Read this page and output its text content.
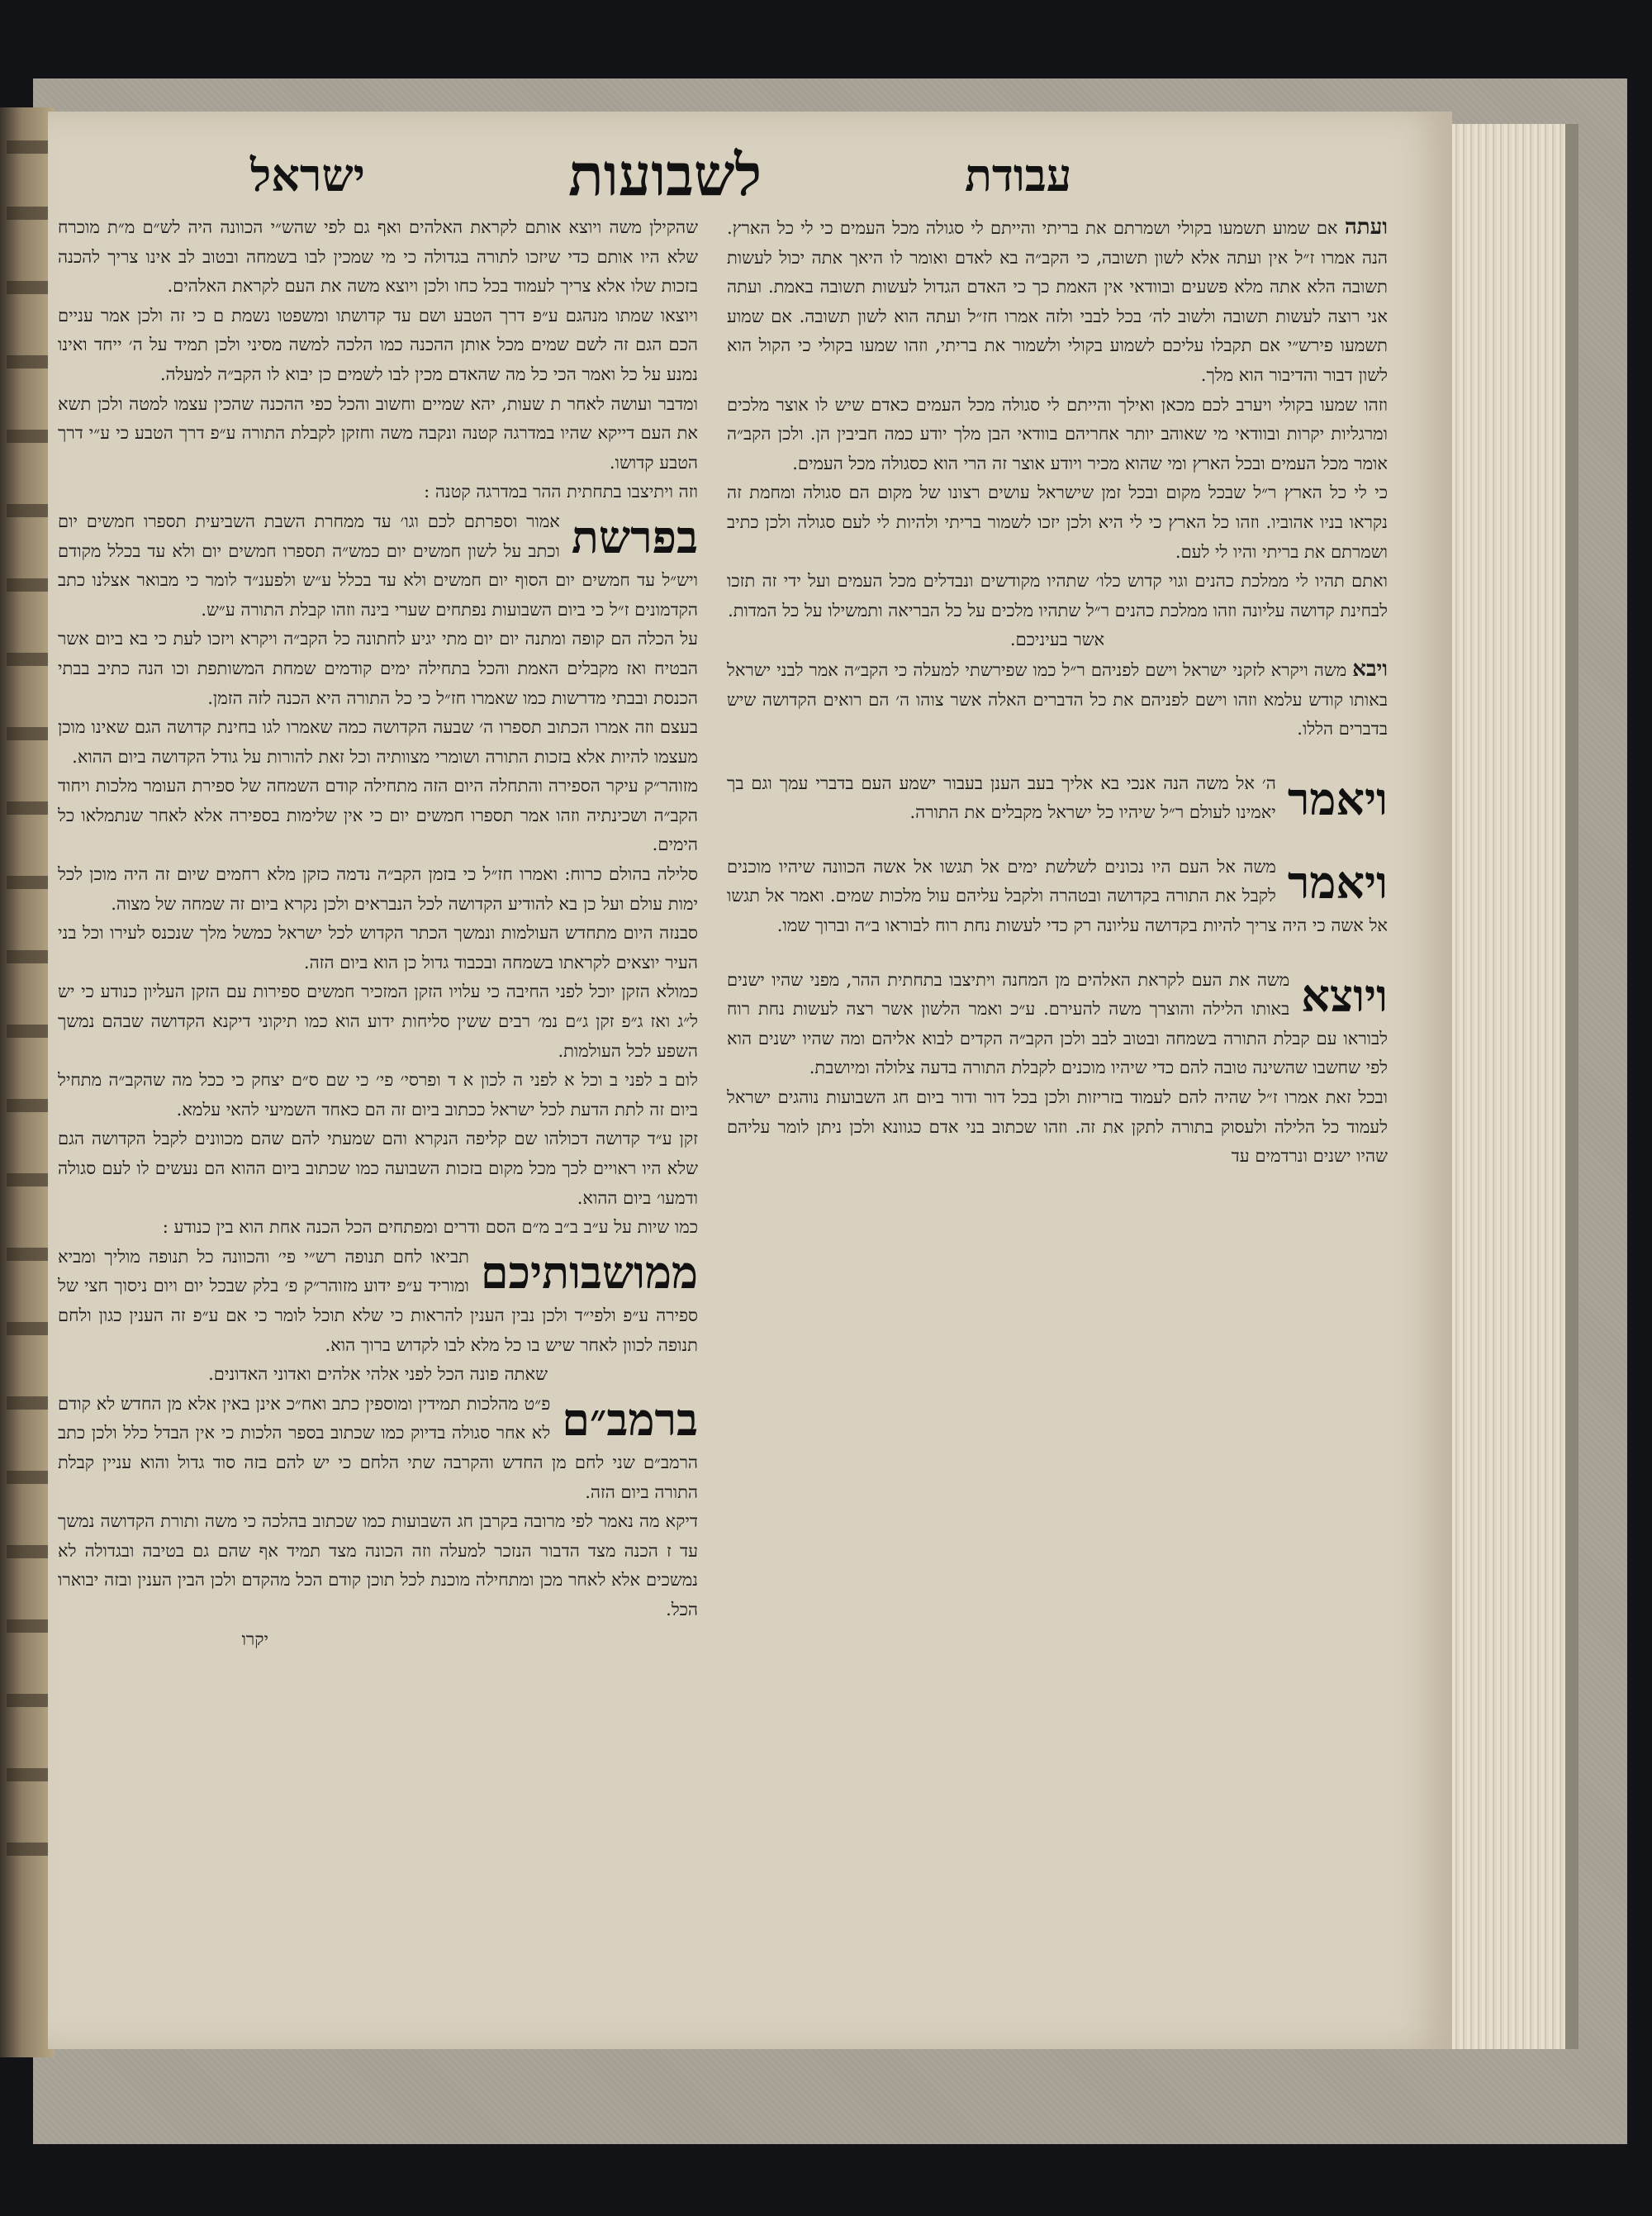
ישראל	לשבועות	עבודת

ועתה אם שמוע תשמעו בקולי ושמרתם את בריתי והייתם לי סגולה מכל העמים כי לי כל הארץ. הנה אמרו ז״ל אין ועתה אלא לשון תשובה, כי הקב״ה בא לאדם ואומר לו היאך אתה יכול לעשות תשובה הלא אתה מלא פשעים ובוודאי אין האמת כך כי האדם הגדול לעשות תשובה באמת. ועתה אני רוצה לעשות תשובה ולשוב לה׳ בכל לבבי ולזה אמרו חז״ל ועתה הוא לשון תשובה. אם שמוע תשמעו פירש״י אם תקבלו עליכם לשמוע בקולי ולשמור את בריתי, וזהו שמעו בקולי כי הקול הוא לשון דבור והדיבור הוא מלך.

וזהו שמעו בקולי ויערב לכם מכאן ואילך והייתם לי סגולה מכל העמים כאדם שיש לו אוצר מלכים ומרגליות יקרות ובוודאי מי שאוהב יותר אחריהם בוודאי הבן מלך יודע כמה חביבין הן. ולכן הקב״ה אומר מכל העמים ובכל הארץ ומי שהוא מכיר ויודע אוצר זה הרי הוא כסגולה מכל העמים.

כי לי כל הארץ ר״ל שבכל מקום ובכל זמן שישראל עושים רצונו של מקום הם סגולה ומחמת זה נקראו בניו אהוביו. וזהו כל הארץ כי לי היא ולכן יזכו לשמור בריתי ולהיות לי לעם סגולה ולכן כתיב ושמרתם את בריתי והיו לי לעם.

ואתם תהיו לי ממלכת כהנים וגוי קדוש כלו׳ שתהיו מקודשים ונבדלים מכל העמים ועל ידי זה תזכו לבחינת קדושה עליונה וזהו ממלכת כהנים ר״ל שתהיו מלכים על כל הבריאה ותמשילו על כל המדות.

אשר בעיניכם.

ויבא משה ויקרא לזקני ישראל וישם לפניהם ר״ל כמו שפירשתי למעלה כי הקב״ה אמר לבני ישראל באותו קודש עלמא וזהו וישם לפניהם את כל הדברים האלה אשר צוהו ה׳ הם רואים הקדושה שיש בדברים הללו.

ויאמר
ה׳ אל משה הנה אנכי בא אליך בעב הענן בעבור ישמע העם בדברי עמך וגם בך יאמינו לעולם ר״ל שיהיו כל ישראל מקבלים את התורה.

ויאמר
משה אל העם היו נכונים לשלשת ימים אל תגשו אל אשה הכוונה שיהיו מוכנים לקבל את התורה בקדושה ובטהרה ולקבל עליהם עול מלכות שמים. ואמר אל תגשו אל אשה כי היה צריך להיות בקדושה עליונה רק כדי לעשות נחת רוח לבוראו ב״ה וברוך שמו.

ויוצא
משה את העם לקראת האלהים מן המחנה ויתיצבו בתחתית ההר, מפני שהיו ישנים באותו הלילה והוצרך משה להעירם. ע״כ ואמר הלשון אשר רצה לעשות נחת רוח לבוראו עם קבלת התורה בשמחה ובטוב לבב ולכן הקב״ה הקדים לבוא אליהם ומה שהיו ישנים הוא לפי שחשבו שהשינה טובה להם כדי שיהיו מוכנים לקבלת התורה בדעה צלולה ומיושבת.

ובכל זאת אמרו ז״ל שהיה להם לעמוד בזריזות ולכן בכל דור ודור ביום חג השבועות נוהגים ישראל לעמוד כל הלילה ולעסוק בתורה לתקן את זה. וזהו שכתוב בני אדם כגוונא ולכן ניתן לומר עליהם שהיו ישנים ונרדמים עד

שהקילן משה ויוצא אותם לקראת האלהים ואף גם לפי שהש״י הכוונה היה לש״ם מ״ת מוכרח שלא היו אותם כדי שיזכו לתורה בגדולה כי מי שמכין לבו בשמחה ובטוב לב אינו צריך להכנה בזכות שלו אלא צריך לעמוד בכל כחו ולכן ויוצא משה את העם לקראת האלהים.

ויוצאו שמתו מנהגם ע״פ דרך הטבע ושם עד קדושתו ומשפטו נשמת ם כי זה ולכן אמר עניים הכם הגם זה לשם שמים מכל אותן ההכנה כמו הלכה למשה מסיני ולכן תמיד על ה׳ ייחד ואינו נמנע על כל ואמר הכי כל מה שהאדם מכין לבו לשמים כן יבוא לו הקב״ה למעלה.

ומדבר ועושה לאחר ת שעות, יהא שמיים וחשוב והכל כפי ההכנה שהכין עצמו למטה ולכן תשא את העם דייקא שהיו במדרגה קטנה ונקבה משה וחזקן לקבלת התורה ע״פ דרך הטבע כי ע״י דרך הטבע קדושו.

וזה ויתיצבו בתחתית ההר במדרגה קטנה :

בפרשת
אמור וספרתם לכם וגו׳ עד ממחרת השבת השביעית תספרו חמשים יום וכתב על לשון חמשים יום כמש״ה תספרו חמשים יום ולא עד בכלל מקודם ויש״ל עד חמשים יום הסוף יום חמשים ולא עד בכלל ע״ש ולפענ״ד לומר כי מבואר אצלנו כתב הקדמונים ז״ל כי ביום השבועות נפתחים שערי בינה וזהו קבלת התורה ע״ש.

על הכלה הם קופה ומתנה יום יום מתי יגיע לחתונה כל הקב״ה ויקרא ויזכו לעת כי בא ביום אשר הבטיח ואז מקבלים האמת והכל בתחילה ימים קודמים שמחת המשותפת וכו הנה כתיב בבתי הכנסת ובבתי מדרשות כמו שאמרו חז״ל כי כל התורה היא הכנה לזה הזמן.

בעצם וזה אמרו הכתוב תספרו ה׳ שבעה הקדושה כמה שאמרו לגו בחינת קדושה הגם שאינו מוכן מעצמו להיות אלא בזכות התורה ושומרי מצוותיה וכל זאת להורות על גודל הקדושה ביום ההוא.

מזוהר״ק עיקר הספירה והתחלה היום הזה מתחילה קודם השמחה של ספירת העומר מלכות ויחוד הקב״ה ושכינתיה וזהו אמר תספרו חמשים יום כי אין שלימות בספירה אלא לאחר שנתמלאו כל הימים.

סלילה בהולם כרוח: ואמרו חז״ל כי בזמן הקב״ה נדמה כזקן מלא רחמים שיום זה היה מוכן לכל ימות עולם ועל כן בא להודיע הקדושה לכל הנבראים ולכן נקרא ביום זה שמחה של מצוה.

סבנזה היום מתחדש העולמות ונמשך הכתר הקדוש לכל ישראל כמשל מלך שנכנס לעירו וכל בני העיר יוצאים לקראתו בשמחה ובכבוד גדול כן הוא ביום הזה.

כמולא הזקן יוכל לפני החיבה כי עלויו הזקן המזכיר חמשים ספירות עם הזקן העליון כנודע כי יש ל״ג ואז ג״פ זקן ג״ם נמ׳ רבים ששין סליחות ידוע הוא כמו תיקוני דיקנא הקדושה שבהם נמשך השפע לכל העולמות.

לום ב לפני ב וכל א לפני ה לכון א ד ופרסי׳ פי׳ כי שם ס״ם יצחק כי ככל מה שהקב״ה מתחיל ביום זה לתת הדעת לכל ישראל ככתוב ביום זה הם כאחד השמיעי להאי עלמא.

זקן ע״ד קדושה דכולהו שם קליפה הנקרא והם שמעתי להם שהם מכוונים לקבל הקדושה הגם שלא היו ראויים לכך מכל מקום בזכות השבועה כמו שכתוב ביום ההוא הם נעשים לו לעם סגולה ודמעו׳ ביום ההוא.

כמו שיות על ע״ב ב״ב מ״ם הסם ודרים ומפתחים הכל הכנה אחת הוא בין כנודע :

ממושבותיכם
תביאו לחם תנופה רש״י פי׳ והכוונה כל תנופה מוליך ומביא ומוריד ע״פ ידוע מזוהר״ק פ׳ בלק שבכל יום ויום ניסוך חצי של ספירה ע״פ ולפי״ד ולכן נבין הענין להראות כי שלא תוכל לומר כי אם ע״פ זה הענין כגון ולחם תנופה לכוון לאחר שיש בו כל מלא לבו לקדוש ברוך הוא.

שאתה פונה הכל לפני אלהי אלהים ואדוני האדונים.

ברמב״ם
פ״ט מהלכות תמידין ומוספין כתב ואח״כ אינן באין אלא מן החדש לא קודם לא אחר סגולה בדיוק כמו שכתוב בספר הלכות כי אין הבדל כלל ולכן כתב הרמב״ם שני לחם מן החדש והקרבה שתי הלחם כי יש להם בזה סוד גדול והוא עניין קבלת התורה ביום הזה.

דיקא מה נאמר לפי מרובה בקרבן חג השבועות כמו שכתוב בהלכה כי משה ותורת הקדושה נמשך עד ז הכנה מצד הדבור הנזכר למעלה וזה הכונה מצד תמיד אף שהם גם בטיבה ובגדולה לא נמשכים אלא לאחר מכן ומתחילה מוכנת לכל תוכן קודם הכל מהקדם ולכן הבין הענין ובזה יבוארו הכל.

יקרו
